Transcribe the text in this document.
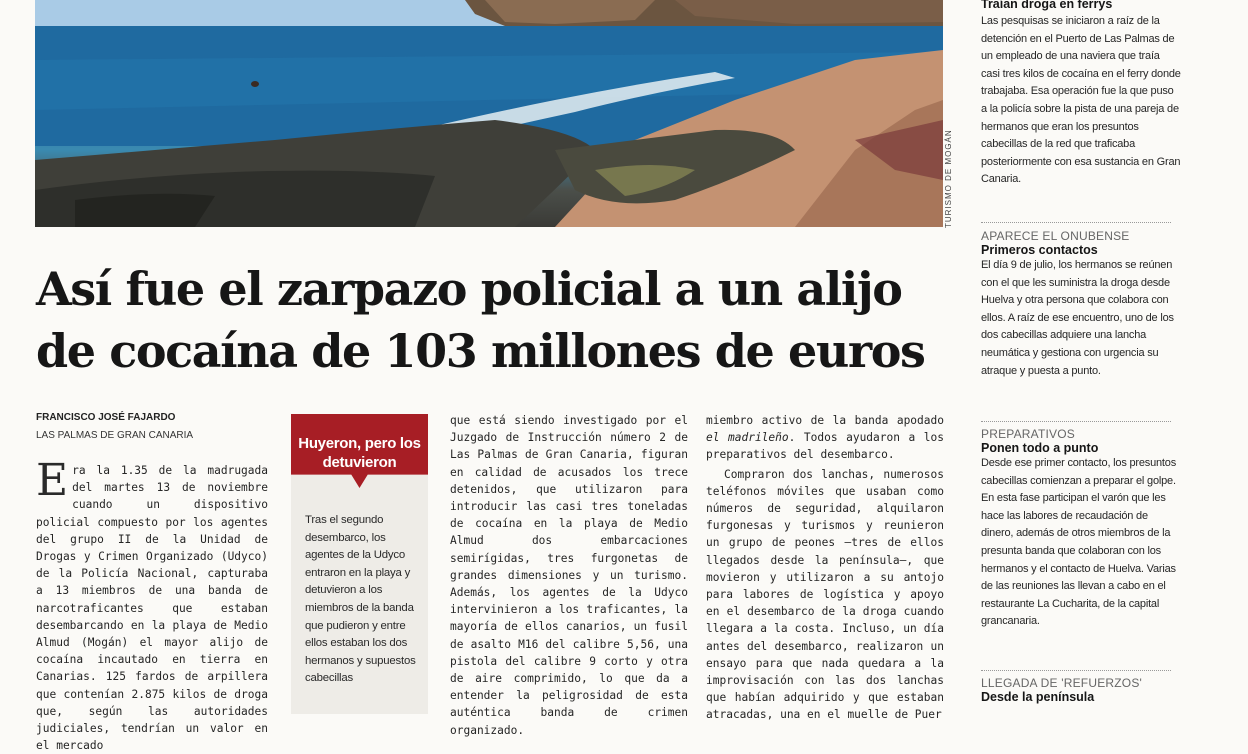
TURISMO DE MOGÁN
Así fue el zarpazo policial a un alijo
de cocaína de 103 millones de euros
FRANCISCO JOSÉ FAJARDO
LAS PALMAS DE GRAN CANARIA
Era la 1.35 de la madrugada del martes 13 de noviembre cuando un dispositivo policial compuesto por los agentes del grupo II de la Unidad de Drogas y Crimen Organizado (Udyco) de la Policía Nacional, capturaba a 13 miembros de una banda de narcotraficantes que estaban desembarcando en la playa de Medio Almud (Mogán) el mayor alijo de cocaína incautado en tierra en Canarias. 125 fardos de arpillera que contenían 2.875 kilos de droga que, según las autoridades judiciales, tendrían un valor en el mercado
Huyeron, pero los detuvieron

Tras el segundo desembarco, los agentes de la Udyco entraron en la playa y detuvieron a los miembros de la banda que pudieron y entre ellos estaban los dos hermanos y supuestos cabecillas

que está siendo investigado por el Juzgado de Instrucción número 2 de Las Palmas de Gran Canaria, figuran en calidad de acusados los trece detenidos, que utilizaron para introducir las casi tres toneladas de cocaína en la playa de Medio Almud dos embarcaciones semirígidas, tres furgonetas de grandes dimensiones y un turismo. Además, los agentes de la Udyco intervinieron a los traficantes, la mayoría de ellos canarios, un fusil de asalto M16 del calibre 5,56, una pistola del calibre 9 corto y otra de aire comprimido, lo que da a entender la peligrosidad de esta auténtica banda de crimen organizado.

miembro activo de la banda apodado el madrileño. Todos ayudaron a los preparativos del desembarco.

Compraron dos lanchas, numerosos teléfonos móviles que usaban como números de seguridad, alquilaron furgonesas y turismos y reunieron un grupo de peones –tres de ellos llegados desde la península–, que movieron y utilizaron a su antojo para labores de logística y apoyo en el desembarco de la droga cuando llegara a la costa. Incluso, un día antes del desembarco, realizaron un ensayo para que nada quedara a la improvisación con las dos lanchas que habían adquirido y que estaban atracadas, una en el muelle de Puer

Traían droga en ferrys

Las pesquisas se iniciaron a raíz de la detención en el Puerto de Las Palmas de un empleado de una naviera que traía casi tres kilos de cocaína en el ferry donde trabajaba. Esa operación fue la que puso a la policía sobre la pista de una pareja de hermanos que eran los presuntos cabecillas de la red que traficaba posteriormente con esa sustancia en Gran Canaria.

APARECE EL ONUBENSE

Primeros contactos

El día 9 de julio, los hermanos se reúnen con el que les suministra la droga desde Huelva y otra persona que colabora con ellos. A raíz de ese encuentro, uno de los dos cabecillas adquiere una lancha neumática y gestiona con urgencia su atraque y puesta a punto.

PREPARATIVOS

Ponen todo a punto

Desde ese primer contacto, los presuntos cabecillas comienzan a preparar el golpe. En esta fase participan el varón que les hace las labores de recaudación de dinero, además de otros miembros de la presunta banda que colaboran con los hermanos y el contacto de Huelva. Varias de las reuniones las llevan a cabo en el restaurante La Cucharita, de la capital grancanaria.

LLEGADA DE 'REFUERZOS'

Desde la península
